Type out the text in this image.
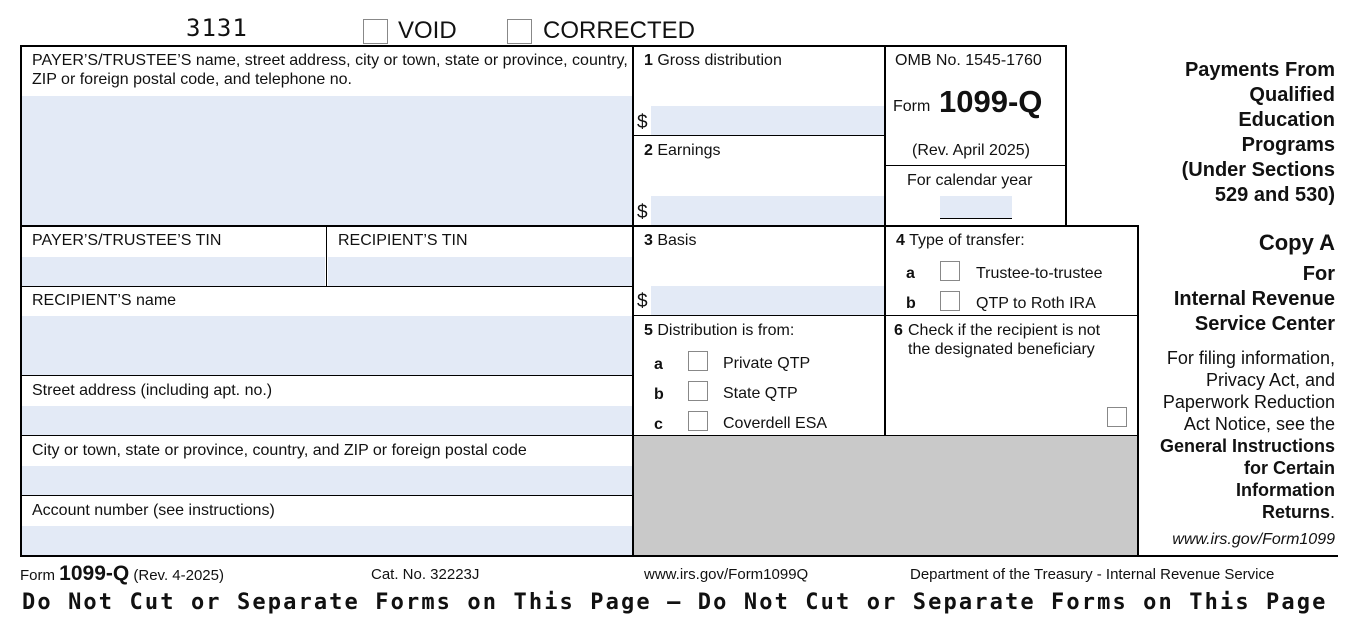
3131	VOID	CORRECTED
PAYER’S/TRUSTEE’S name, street address, city or town, state or province, country, ZIP or foreign postal code, and telephone no.
PAYER’S/TRUSTEE’S TIN	RECIPIENT’S TIN
RECIPIENT’S name
Street address (including apt. no.)
City or town, state or province, country, and ZIP or foreign postal code
Account number (see instructions)
1 Gross distribution
$
2 Earnings
$
3 Basis
$
4 Type of transfer:
a	Trustee-to-trustee
b	QTP to Roth IRA
5 Distribution is from:
a	Private QTP
b	State QTP
c	Coverdell ESA
6 Check if the recipient is not the designated beneficiary
OMB No. 1545-1760
Form 1099-Q
(Rev. April 2025)
For calendar year
Payments From
Qualified
Education
Programs
(Under Sections
529 and 530)
Copy A
For
Internal Revenue
Service Center
For filing information,
Privacy Act, and
Paperwork Reduction
Act Notice, see the
General Instructions
for Certain
Information
Returns.
www.irs.gov/Form1099
Form 1099-Q (Rev. 4-2025)	Cat. No. 32223J	www.irs.gov/Form1099Q	Department of the Treasury - Internal Revenue Service
Do Not Cut or Separate Forms on This Page — Do Not Cut or Separate Forms on This Page
